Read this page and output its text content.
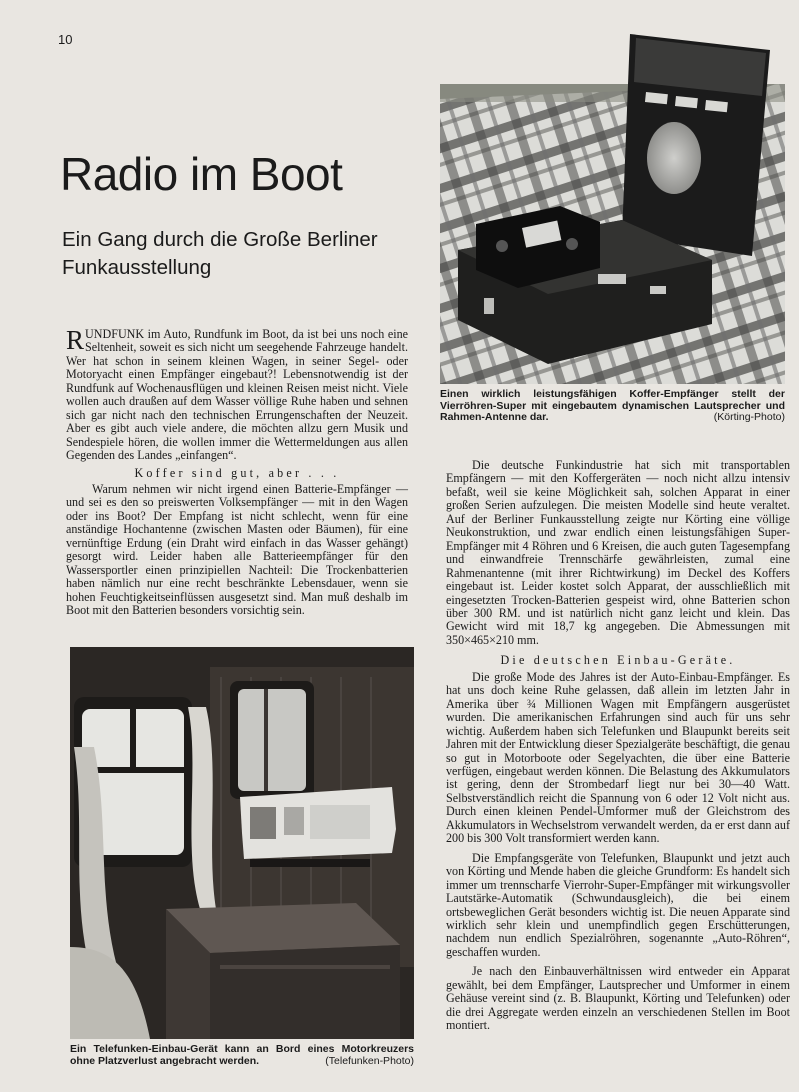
10
Radio im Boot
Ein Gang durch die Große Berliner Funkausstellung

RUNDFUNK im Auto, Rundfunk im Boot, da ist bei uns noch eine Seltenheit, soweit es sich nicht um seegehende Fahrzeuge handelt. Wer hat schon in seinem kleinen Wagen, in seiner Segel- oder Motoryacht einen Empfänger eingebaut?! Lebensnotwendig ist der Rundfunk auf Wochenausflügen und kleinen Reisen meist nicht. Viele wollen auch draußen auf dem Wasser völlige Ruhe haben und sehnen sich gar nicht nach den technischen Errungenschaften der Neuzeit. Aber es gibt auch viele andere, die möchten allzu gern Musik und Sendespiele hören, die wollen immer die Wettermeldungen aus allen Gegenden des Landes „einfangen“.

Koffer sind gut, aber . . .

Warum nehmen wir nicht irgend einen Batterie-Empfänger — und sei es den so preiswerten Volksempfänger — mit in den Wagen oder ins Boot? Der Empfang ist nicht schlecht, wenn für eine anständige Hochantenne (zwischen Masten oder Bäumen), für eine vernünftige Erdung (ein Draht wird einfach in das Wasser gehängt) gesorgt wird. Leider haben alle Batterieempfänger für den Wassersportler einen prinzipiellen Nachteil: Die Trockenbatterien haben nämlich nur eine recht beschränkte Lebensdauer, wenn sie hohen Feuchtigkeitseinflüssen ausgesetzt sind. Man muß deshalb im Boot mit den Batterien besonders vorsichtig sein.

Einen wirklich leistungsfähigen Koffer-Empfänger stellt der Vierröhren-Super mit eingebautem dynamischen Lautsprecher und Rahmen-Antenne dar.	(Körting-Photo)
Ein Telefunken-Einbau-Gerät kann an Bord eines Motorkreuzers ohne Platzverlust angebracht werden.	(Telefunken-Photo)

Die deutsche Funkindustrie hat sich mit transportablen Empfängern — mit den Koffergeräten — noch nicht allzu intensiv befaßt, weil sie keine Möglichkeit sah, solchen Apparat in einer großen Serien aufzulegen. Die meisten Modelle sind heute veraltet. Auf der Berliner Funkausstellung zeigte nur Körting eine völlige Neukonstruktion, und zwar endlich einen leistungsfähigen Super-Empfänger mit 4 Röhren und 6 Kreisen, die auch guten Tagesempfang und einwandfreie Trennschärfe gewährleisten, zumal eine Rahmenantenne (mit ihrer Richtwirkung) im Deckel des Koffers eingebaut ist. Leider kostet solch Apparat, der ausschließlich mit eingesetzten Trocken-Batterien gespeist wird, ohne Batterien schon über 300 RM. und ist natürlich nicht ganz leicht und klein. Das Gewicht wird mit 18,7 kg angegeben. Die Abmessungen mit 350×465×210 mm.

Die deutschen Einbau-Geräte.

Die große Mode des Jahres ist der Auto-Einbau-Empfänger. Es hat uns doch keine Ruhe gelassen, daß allein im letzten Jahr in Amerika über ¾ Millionen Wagen mit Empfängern ausgerüstet wurden. Die amerikanischen Erfahrungen sind auch für uns sehr wichtig. Außerdem haben sich Telefunken und Blaupunkt bereits seit Jahren mit der Entwicklung dieser Spezialgeräte beschäftigt, die genau so gut in Motorboote oder Segelyachten, die über eine Batterie verfügen, eingebaut werden können. Die Belastung des Akkumulators ist gering, denn der Strombedarf liegt nur bei 30—40 Watt. Selbstverständlich reicht die Spannung von 6 oder 12 Volt nicht aus. Durch einen kleinen Pendel-Umformer muß der Gleichstrom des Akkumulators in Wechselstrom verwandelt werden, da er erst dann auf 200 bis 300 Volt transformiert werden kann.

Die Empfangsgeräte von Telefunken, Blaupunkt und jetzt auch von Körting und Mende haben die gleiche Grundform: Es handelt sich immer um trennscharfe Vierrohr-Super-Empfänger mit wirkungsvoller Lautstärke-Automatik (Schwundausgleich), die bei einem ortsbeweglichen Gerät besonders wichtig ist. Die neuen Apparate sind wirklich sehr klein und unempfindlich gegen Erschütterungen, nachdem nun endlich Spezialröhren, sogenannte „Auto-Röhren“, geschaffen wurden.

Je nach den Einbauverhältnissen wird entweder ein Apparat gewählt, bei dem Empfänger, Lautsprecher und Umformer in einem Gehäuse vereint sind (z. B. Blaupunkt, Körting und Telefunken) oder die drei Aggregate werden einzeln an verschiedenen Stellen im Boot montiert.
